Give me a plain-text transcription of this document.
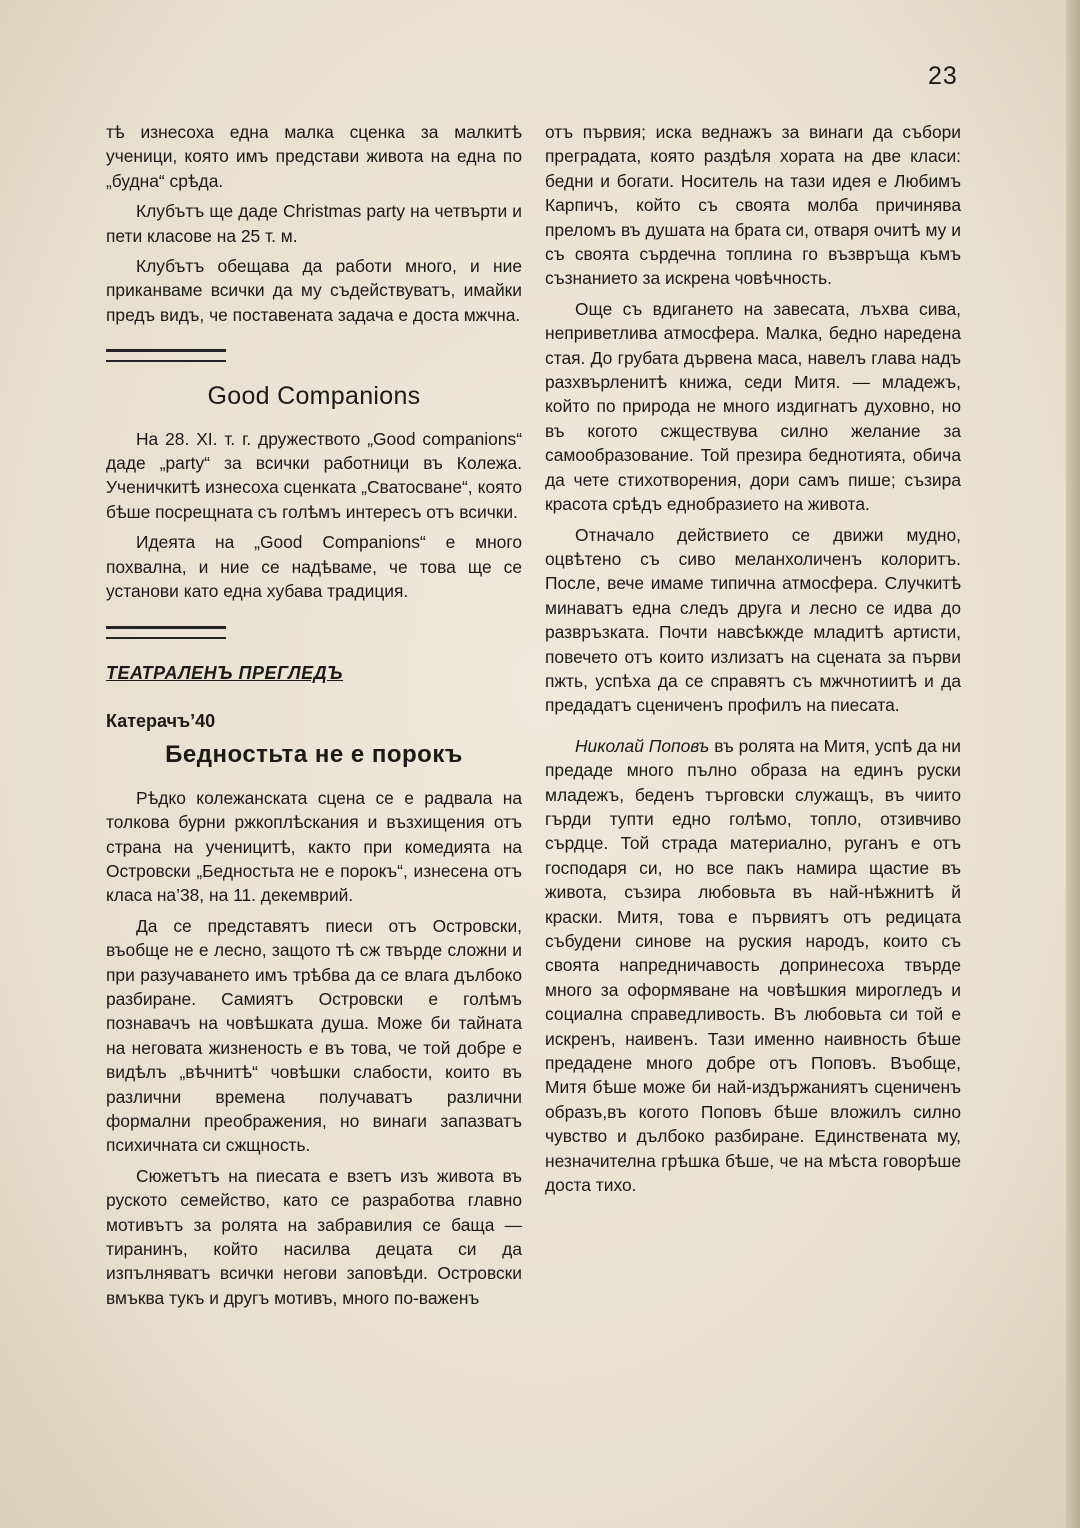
23

тѣ изнесоха една малка сценка за малкитѣ ученици, която имъ представи живота на една по „будна“ срѣда.

Клубътъ ще даде Christmas party на четвърти и пети класове на 25 т. м.

Клубътъ обещава да работи много, и ние приканваме всички да му съдействуватъ, имайки предъ видъ, че поставената задача е доста мжчна.

Good Companions

На 28. XI. т. г. дружеството „Good companions“ даде „party“ за всички работници въ Колежа. Ученичкитѣ изнесоха сценката „Сватосване“, която бѣше посрещната съ голѣмъ интересъ отъ всички.

Идеята на „Good Companions“ е много похвална, и ние се надѣваме, че това ще се установи като една хубава традиция.

ТЕАТРАЛЕНЪ ПРЕГЛЕДЪ
Катерачъ’40
Бедностьта не е порокъ

Рѣдко колежанската сцена се е радвала на толкова бурни ржкоплѣскания и възхищения отъ страна на ученицитѣ, както при комедията на Островски „Бедностьта не е порокъ“, изнесена отъ класа на’38, на 11. декемврий.

Да се представятъ пиеси отъ Островски, въобще не е лесно, защото тѣ сж твърде сложни и при разучаването имъ трѣбва да се влага дълбоко разбиране. Самиятъ Островски е голѣмъ познавачъ на човѣшката душа. Може би тайната на неговата жизненость е въ това, че той добре е видѣлъ „вѣчнитѣ“ човѣшки слабости, които въ различни времена получаватъ различни формални преображения, но винаги запазватъ психичната си сжщность.

Сюжетътъ на пиесата е взетъ изъ живота въ руското семейство, като се разработва главно мотивътъ за ролята на забравилия се баща — тиранинъ, който насилва децата си да изпълняватъ всички негови заповѣди. Островски вмъква тукъ и другъ мотивъ, много по-важенъ

отъ първия; иска веднажъ за винаги да събори преградата, която раздѣля хората на две класи: бедни и богати. Носитель на тази идея е Любимъ Карпичъ, който съ своята молба причинява преломъ въ душата на брата си, отваря очитѣ му и съ своята сърдечна топлина го възвръща къмъ съзнанието за искрена човѣчность.

Още съ вдигането на завесата, лъхва сива, неприветлива атмосфера. Малка, бедно наредена стая. До грубата дървена маса, навелъ глава надъ разхвърленитѣ книжа, седи Митя. — младежъ, който по природа не много издигнатъ духовно, но въ когото сжществува силно желание за самообразование. Той презира беднотията, обича да чете стихотворения, дори самъ пише; съзира красота срѣдъ еднобразието на живота.

Отначало действието се движи мудно, оцвѣтено съ сиво меланхоличенъ колоритъ. После, вече имаме типична атмосфера. Случкитѣ минаватъ една следъ друга и лесно се идва до развръзката. Почти навсѣкжде младитѣ артисти, повечето отъ които излизатъ на сцената за първи пжть, успѣха да се справятъ съ мжчнотиитѣ и да предадатъ сцениченъ профилъ на пиесата.

Николай Поповъ въ ролята на Митя, успѣ да ни предаде много пълно образа на единъ руски младежъ, беденъ търговски служащъ, въ чиито гърди тупти едно голѣмо, топло, отзивчиво сърдце. Той страда материално, руганъ е отъ господаря си, но все пакъ намира щастие въ живота, съзира любовьта въ най-нѣжнитѣ й краски. Митя, това е първиятъ отъ редицата събудени синове на руския народъ, които съ своята напредничавость допринесоха твърде много за оформяване на човѣшкия мирогледъ и социална справедливость. Въ любовьта си той е искренъ, наивенъ. Тази именно наивность бѣше предадене много добре отъ Поповъ. Въобще, Митя бѣше може би най-издържаниятъ сцениченъ образъ,въ когото Поповъ бѣше вложилъ силно чувство и дълбоко разбиране. Единствената му, незначителна грѣшка бѣше, че на мѣста говорѣше доста тихо.
